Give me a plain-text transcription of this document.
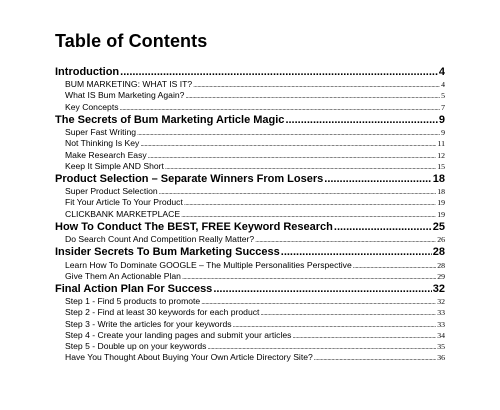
Table of Contents
Introduction .....	4
BUM MARKETING: WHAT IS IT? .....	4
What IS Bum Marketing Again? .....	5
Key Concepts .....	7
The Secrets of Bum Marketing Article Magic .....	9
Super Fast Writing .....	9
Not Thinking Is Key .....	11
Make Research Easy .....	12
Keep It Simple AND Short .....	15
Product Selection – Separate Winners From Losers .....	18
Super Product Selection .....	18
Fit Your Article To Your Product .....	19
CLICKBANK MARKETPLACE .....	19
How To Conduct The BEST, FREE Keyword Research .....	25
Do Search Count And Competition Really Matter? .....	26
Insider Secrets To Bum Marketing Success .....	28
Learn How To Dominate GOOGLE – The Multiple Personalities Perspective .....	28
Give Them An Actionable Plan .....	29
Final Action Plan For Success .....	32
Step 1 - Find 5 products to promote .....	32
Step 2 - Find at least 30 keywords for each product .....	33
Step 3 - Write the articles for your keywords .....	33
Step 4 - Create your landing pages and submit your articles .....	34
Step 5 - Double up on your keywords .....	35
Have You Thought About Buying Your Own Article Directory Site? .....	36
